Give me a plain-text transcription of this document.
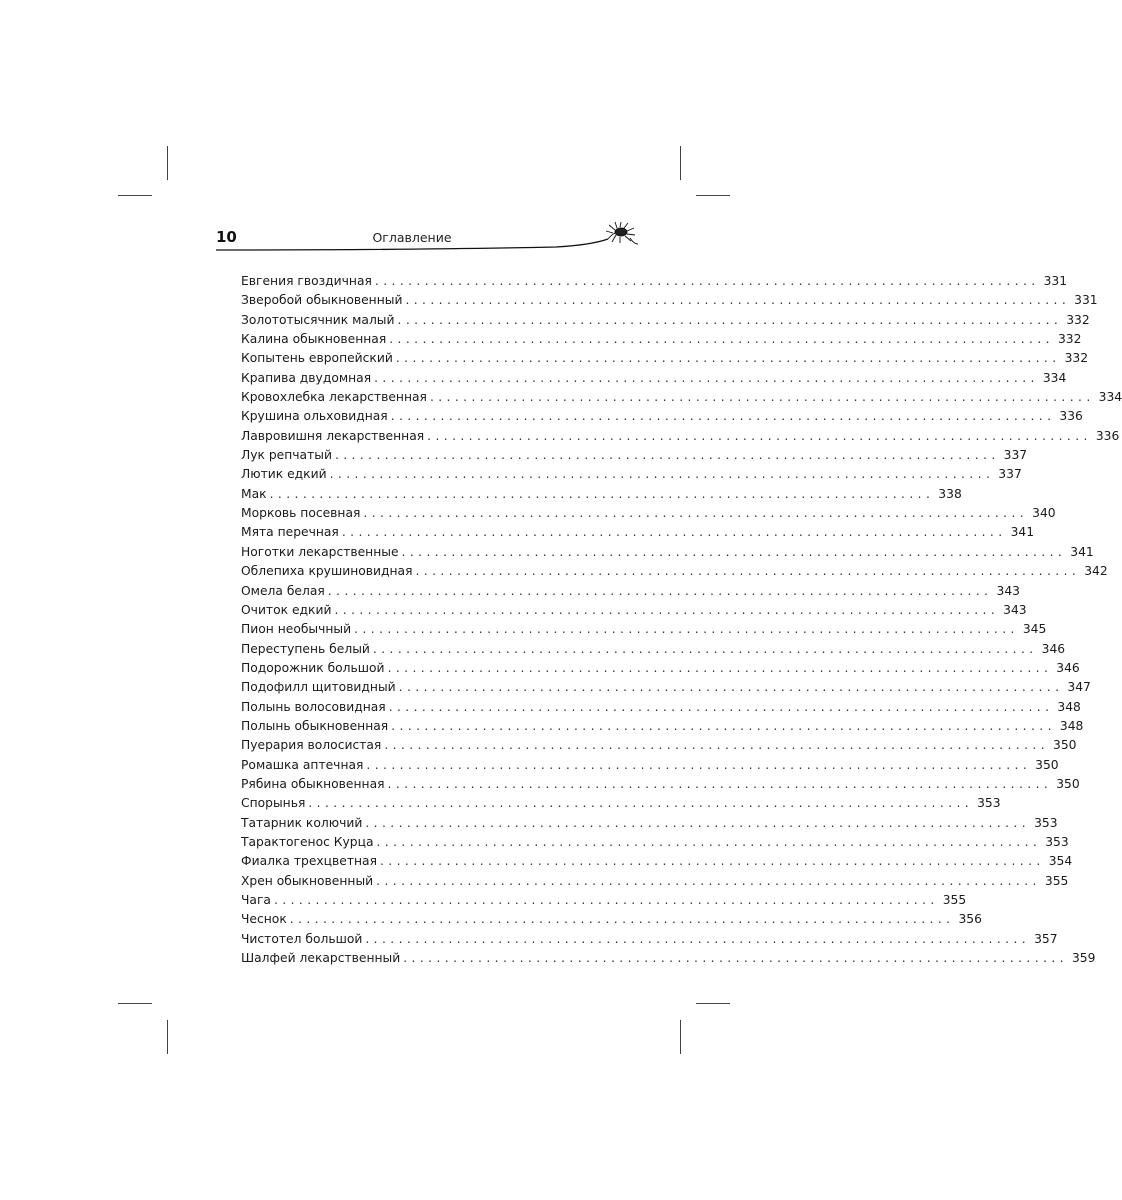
10	Оглавление
Евгения гвоздичная ................................................................................ 331
Зверобой обыкновенный ................................................................................ 331
Золототысячник малый ................................................................................ 332
Калина обыкновенная ................................................................................ 332
Копытень европейский ................................................................................ 332
Крапива двудомная ................................................................................ 334
Кровохлебка лекарственная ................................................................................ 334
Крушина ольховидная ................................................................................ 336
Лавровишня лекарственная ................................................................................ 336
Лук репчатый ................................................................................ 337
Лютик едкий ................................................................................ 337
Мак ................................................................................ 338
Морковь посевная ................................................................................ 340
Мята перечная ................................................................................ 341
Ноготки лекарственные ................................................................................ 341
Облепиха крушиновидная ................................................................................ 342
Омела белая ................................................................................ 343
Очиток едкий ................................................................................ 343
Пион необычный ................................................................................ 345
Переступень белый ................................................................................ 346
Подорожник большой ................................................................................ 346
Подофилл щитовидный ................................................................................ 347
Полынь волосовидная ................................................................................ 348
Полынь обыкновенная ................................................................................ 348
Пуерария волосистая ................................................................................ 350
Ромашка аптечная ................................................................................ 350
Рябина обыкновенная ................................................................................ 350
Спорынья ................................................................................ 353
Татарник колючий ................................................................................ 353
Тарактогенос Курца ................................................................................ 353
Фиалка трехцветная ................................................................................ 354
Хрен обыкновенный ................................................................................ 355
Чага ................................................................................ 355
Чеснок ................................................................................ 356
Чистотел большой ................................................................................ 357
Шалфей лекарственный ................................................................................ 359
